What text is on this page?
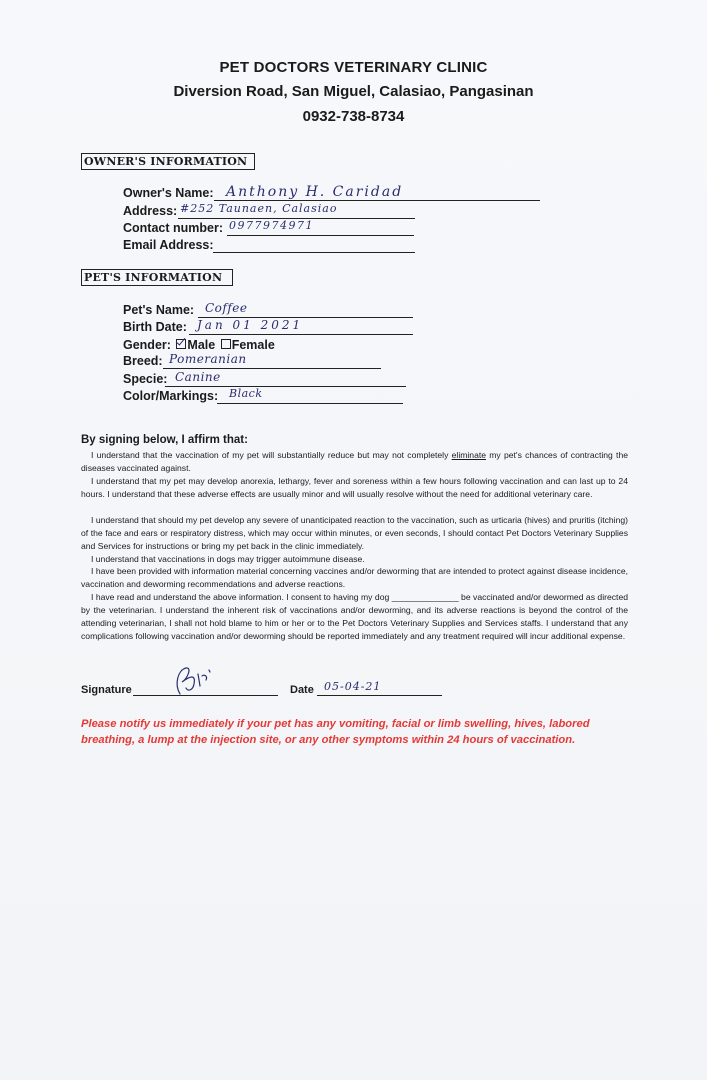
PET DOCTORS VETERINARY CLINIC
Diversion Road, San Miguel, Calasiao, Pangasinan
0932-738-8734
OWNER'S INFORMATION
Owner's Name: Anthony H. Caridad
Address: #252 Taunaen, Calasiao
Contact number: 0977974971
Email Address:
PET'S INFORMATION
Pet's Name: Coffee
Birth Date: Jan 01 2021
Gender: Male Female
Breed: Pomeranian
Specie: Canine
Color/Markings: Black
By signing below, I affirm that:
I understand that the vaccination of my pet will substantially reduce but may not completely eliminate my pet's chances of contracting the diseases vaccinated against.
I understand that my pet may develop anorexia, lethargy, fever and soreness within a few hours following vaccination and can last up to 24 hours. I understand that these adverse effects are usually minor and will usually resolve without the need for additional veterinary care.
I understand that should my pet develop any severe of unanticipated reaction to the vaccination, such as urticaria (hives) and pruritis (itching) of the face and ears or respiratory distress, which may occur within minutes, or even seconds, I should contact Pet Doctors Veterinary Supplies and Services for instructions or bring my pet back in the clinic immediately.
I understand that vaccinations in dogs may trigger autoimmune disease.
I have been provided with information material concerning vaccines and/or deworming that are intended to protect against disease incidence, vaccination and deworming recommendations and adverse reactions.
I have read and understand the above information. I consent to having my dog ______________ be vaccinated and/or dewormed as directed by the veterinarian. I understand the inherent risk of vaccinations and/or deworming, and its adverse reactions is beyond the control of the attending veterinarian, I shall not hold blame to him or her or to the Pet Doctors Veterinary Supplies and Services staffs. I understand that any complications following vaccination and/or deworming should be reported immediately and any treatment required will incur additional expense.
Signature	Date 05-04-21
Please notify us immediately if your pet has any vomiting, facial or limb swelling, hives, labored breathing, a lump at the injection site, or any other symptoms within 24 hours of vaccination.
